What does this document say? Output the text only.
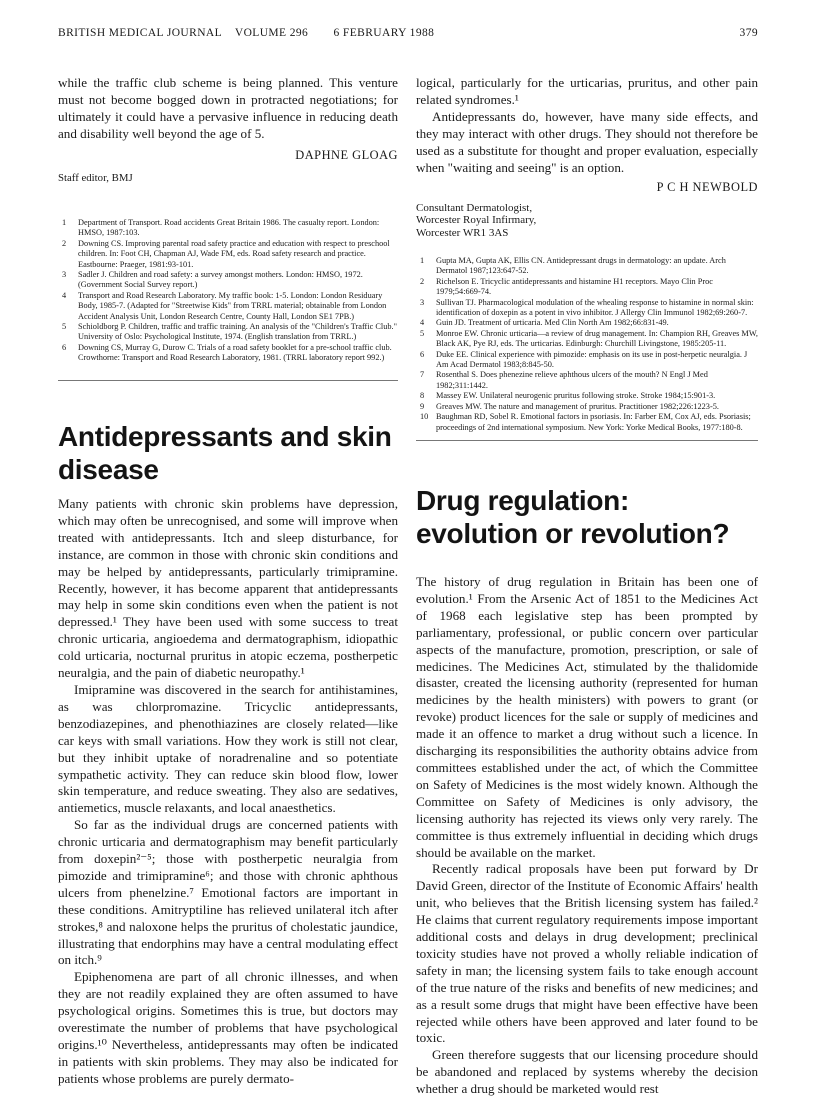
BRITISH MEDICAL JOURNAL VOLUME 296 6 FEBRUARY 1988	379

while the traffic club scheme is being planned. This venture must not become bogged down in protracted negotiations; for ultimately it could have a pervasive influence in reducing death and disability well beyond the age of 5.

DAPHNE GLOAG
Staff editor, BMJ
1 Department of Transport. Road accidents Great Britain 1986. The casualty report. London: HMSO, 1987:103.
2 Downing CS. Improving parental road safety practice and education with respect to preschool children. In: Foot CH, Chapman AJ, Wade FM, eds. Road safety research and practice. Eastbourne: Praeger, 1981:93-101.
3 Sadler J. Children and road safety: a survey amongst mothers. London: HMSO, 1972. (Government Social Survey report.)
4 Transport and Road Research Laboratory. My traffic book: 1-5. London: London Residuary Body, 1985-7. (Adapted for "Streetwise Kids" from TRRL material; obtainable from London Accident Analysis Unit, London Research Centre, County Hall, London SE1 7PB.)
5 Schioldborg P. Children, traffic and traffic training. An analysis of the "Children's Traffic Club." University of Oslo: Psychological Institute, 1974. (English translation from TRRL.)
6 Downing CS, Murray G, Durow C. Trials of a road safety booklet for a pre-school traffic club. Crowthorne: Transport and Road Research Laboratory, 1981. (TRRL laboratory report 992.)
Antidepressants and skin disease

Many patients with chronic skin problems have depression, which may often be unrecognised, and some will improve when treated with antidepressants. Itch and sleep disturbance, for instance, are common in those with chronic skin conditions and may be helped by antidepressants, particularly trimipramine. Recently, however, it has become apparent that antidepressants may help in some skin conditions even when the patient is not depressed.¹ They have been used with some success to treat chronic urticaria, angioedema and dermatographism, idiopathic cold urticaria, nocturnal pruritus in atopic eczema, postherpetic neuralgia, and the pain of diabetic neuropathy.¹

Imipramine was discovered in the search for antihistamines, as was chlorpromazine. Tricyclic antidepressants, benzodiazepines, and phenothiazines are closely related—like car keys with small variations. How they work is still not clear, but they inhibit uptake of noradrenaline and so potentiate sympathetic activity. They can reduce skin blood flow, lower skin temperature, and reduce sweating. They also are sedatives, antiemetics, muscle relaxants, and local anaesthetics.

So far as the individual drugs are concerned patients with chronic urticaria and dermatographism may benefit particularly from doxepin²⁻⁵; those with postherpetic neuralgia from pimozide and trimipramine⁶; and those with chronic aphthous ulcers from phenelzine.⁷ Emotional factors are important in these conditions. Amitryptiline has relieved unilateral itch after strokes,⁸ and naloxone helps the pruritus of cholestatic jaundice, illustrating that endorphins may have a central modulating effect on itch.⁹

Epiphenomena are part of all chronic illnesses, and when they are not readily explained they are often assumed to have psychological origins. Sometimes this is true, but doctors may overestimate the number of problems that have psychological origins.¹⁰ Nevertheless, antidepressants may often be indicated in patients with skin problems. They may also be indicated for patients whose problems are purely dermato-

logical, particularly for the urticarias, pruritus, and other pain related syndromes.¹

Antidepressants do, however, have many side effects, and they may interact with other drugs. They should not therefore be used as a substitute for thought and proper evaluation, especially when "waiting and seeing" is an option.

P C H NEWBOLD
Consultant Dermatologist,
Worcester Royal Infirmary,
Worcester WR1 3AS
1 Gupta MA, Gupta AK, Ellis CN. Antidepressant drugs in dermatology: an update. Arch Dermatol 1987;123:647-52.
2 Richelson E. Tricyclic antidepressants and histamine H1 receptors. Mayo Clin Proc 1979;54:669-74.
3 Sullivan TJ. Pharmacological modulation of the whealing response to histamine in normal skin: identification of doxepin as a potent in vivo inhibitor. J Allergy Clin Immunol 1982;69:260-7.
4 Guin JD. Treatment of urticaria. Med Clin North Am 1982;66:831-49.
5 Monroe EW. Chronic urticaria—a review of drug management. In: Champion RH, Greaves MW, Black AK, Pye RJ, eds. The urticarias. Edinburgh: Churchill Livingstone, 1985:205-11.
6 Duke EE. Clinical experience with pimozide: emphasis on its use in post-herpetic neuralgia. J Am Acad Dermatol 1983;8:845-50.
7 Rosenthal S. Does phenezine relieve aphthous ulcers of the mouth? N Engl J Med 1982;311:1442.
8 Massey EW. Unilateral neurogenic pruritus following stroke. Stroke 1984;15:901-3.
9 Greaves MW. The nature and management of pruritus. Practitioner 1982;226:1223-5.
10 Baughman RD, Sobel R. Emotional factors in psoriasis. In: Farber EM, Cox AJ, eds. Psoriasis; proceedings of 2nd international symposium. New York: Yorke Medical Books, 1977:180-8.
Drug regulation: evolution or revolution?

The history of drug regulation in Britain has been one of evolution.¹ From the Arsenic Act of 1851 to the Medicines Act of 1968 each legislative step has been prompted by parliamentary, professional, or public concern over particular aspects of the manufacture, promotion, prescription, or sale of medicines. The Medicines Act, stimulated by the thalidomide disaster, created the licensing authority (represented for human medicines by the health ministers) with powers to grant (or revoke) product licences for the sale or supply of medicines and made it an offence to market a drug without such a licence. In discharging its responsibilities the authority obtains advice from committees established under the act, of which the Committee on Safety of Medicines is the most widely known. Although the Committee on Safety of Medicines is only advisory, the licensing authority has rejected its views only very rarely. The committee is thus extremely influential in deciding which drugs should be available on the market.

Recently radical proposals have been put forward by Dr David Green, director of the Institute of Economic Affairs' health unit, who believes that the British licensing system has failed.² He claims that current regulatory requirements impose important additional costs and delays in drug development; preclinical toxicity studies have not proved a wholly reliable indication of safety in man; the licensing system fails to take enough account of the true nature of the risks and benefits of new medicines; and as a result some drugs that might have been effective have been rejected while others have been approved and later found to be toxic.

Green therefore suggests that our licensing procedure should be abandoned and replaced by systems whereby the decision whether a drug should be marketed would rest
